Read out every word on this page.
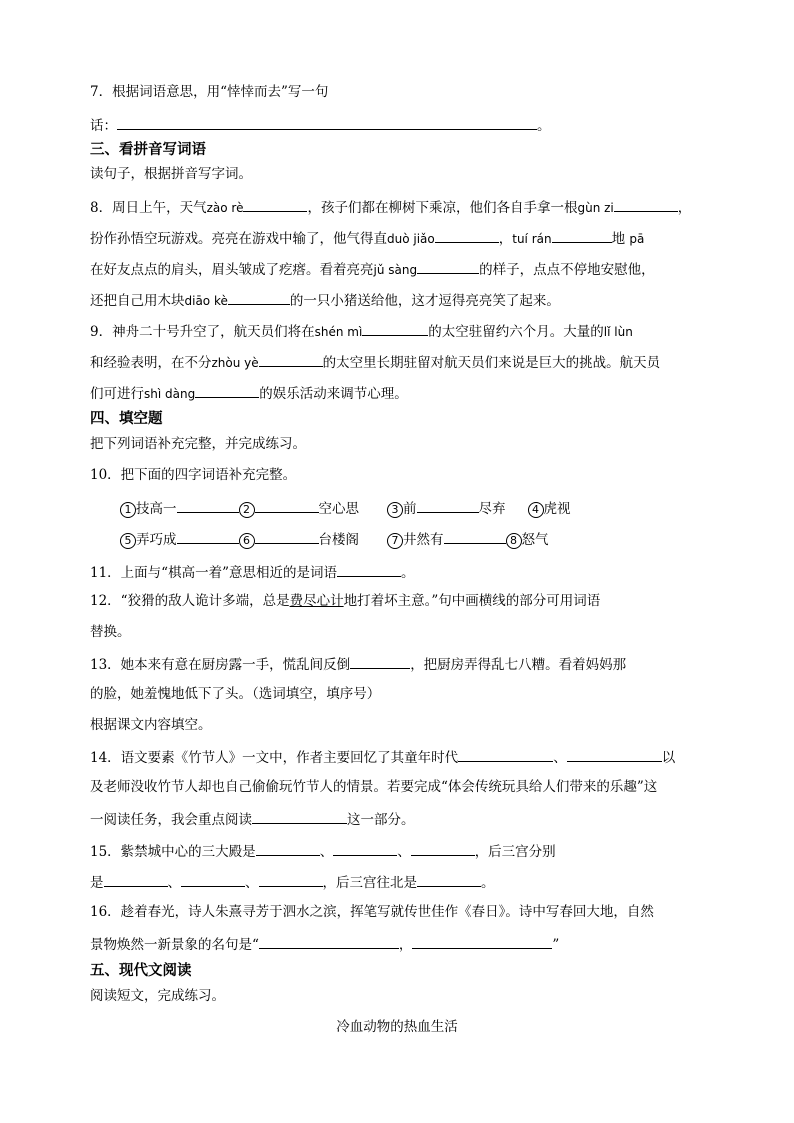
7．根据词语意思，用“悻悻而去”写一句
话：	。
三、看拼音写词语
读句子，根据拼音写字词。
8．周日上午，天气zào rè	，孩子们都在柳树下乘凉，他们各自手拿一根gùn zi	，
扮作孙悟空玩游戏。亮亮在游戏中输了，他气得直duò jiǎo	，tuí rán	地 pā
在好友点点的肩头，眉头皱成了疙瘩。看着亮亮jǔ sàng	的样子，点点不停地安慰他，
还把自己用木块diāo kè	的一只小猪送给他，这才逗得亮亮笑了起来。
9．神舟二十号升空了，航天员们将在shén mì	的太空驻留约六个月。大量的lǐ lùn
和经验表明，在不分zhòu yè	的太空里长期驻留对航天员们来说是巨大的挑战。航天员
们可进行shì dàng	的娱乐活动来调节心理。
四、填空题
把下列词语补充完整，并完成练习。
10．把下面的四字词语补充完整。
1 技高一	2	空心思	3 前	尽弃 4 虎视
5 弄巧成	6	台楼阁	7 井然有	8 怒气
11．上面与“棋高一着”意思相近的是词语	。
12．“狡猾的敌人诡计多端，总是费尽心计地打着坏主意。”句中画横线的部分可用词语
替换。
13．她本来有意在厨房露一手，慌乱间反倒	，把厨房弄得乱七八糟。看着妈妈那
的脸，她羞愧地低下了头。（选词填空，填序号）
根据课文内容填空。
14．语文要素《竹节人》一文中，作者主要回忆了其童年时代	、	以
及老师没收竹节人却也自己偷偷玩竹节人的情景。若要完成“体会传统玩具给人们带来的乐趣”这
一阅读任务，我会重点阅读	这一部分。
15．紫禁城中心的三大殿是	、	、	，后三宫分别
是	、	、	，后三宫往北是	。
16．趁着春光，诗人朱熹寻芳于泗水之滨，挥笔写就传世佳作《春日》。诗中写春回大地，自然
景物焕然一新景象的名句是“	，	”
五、现代文阅读
阅读短文，完成练习。
冷血动物的热血生活
